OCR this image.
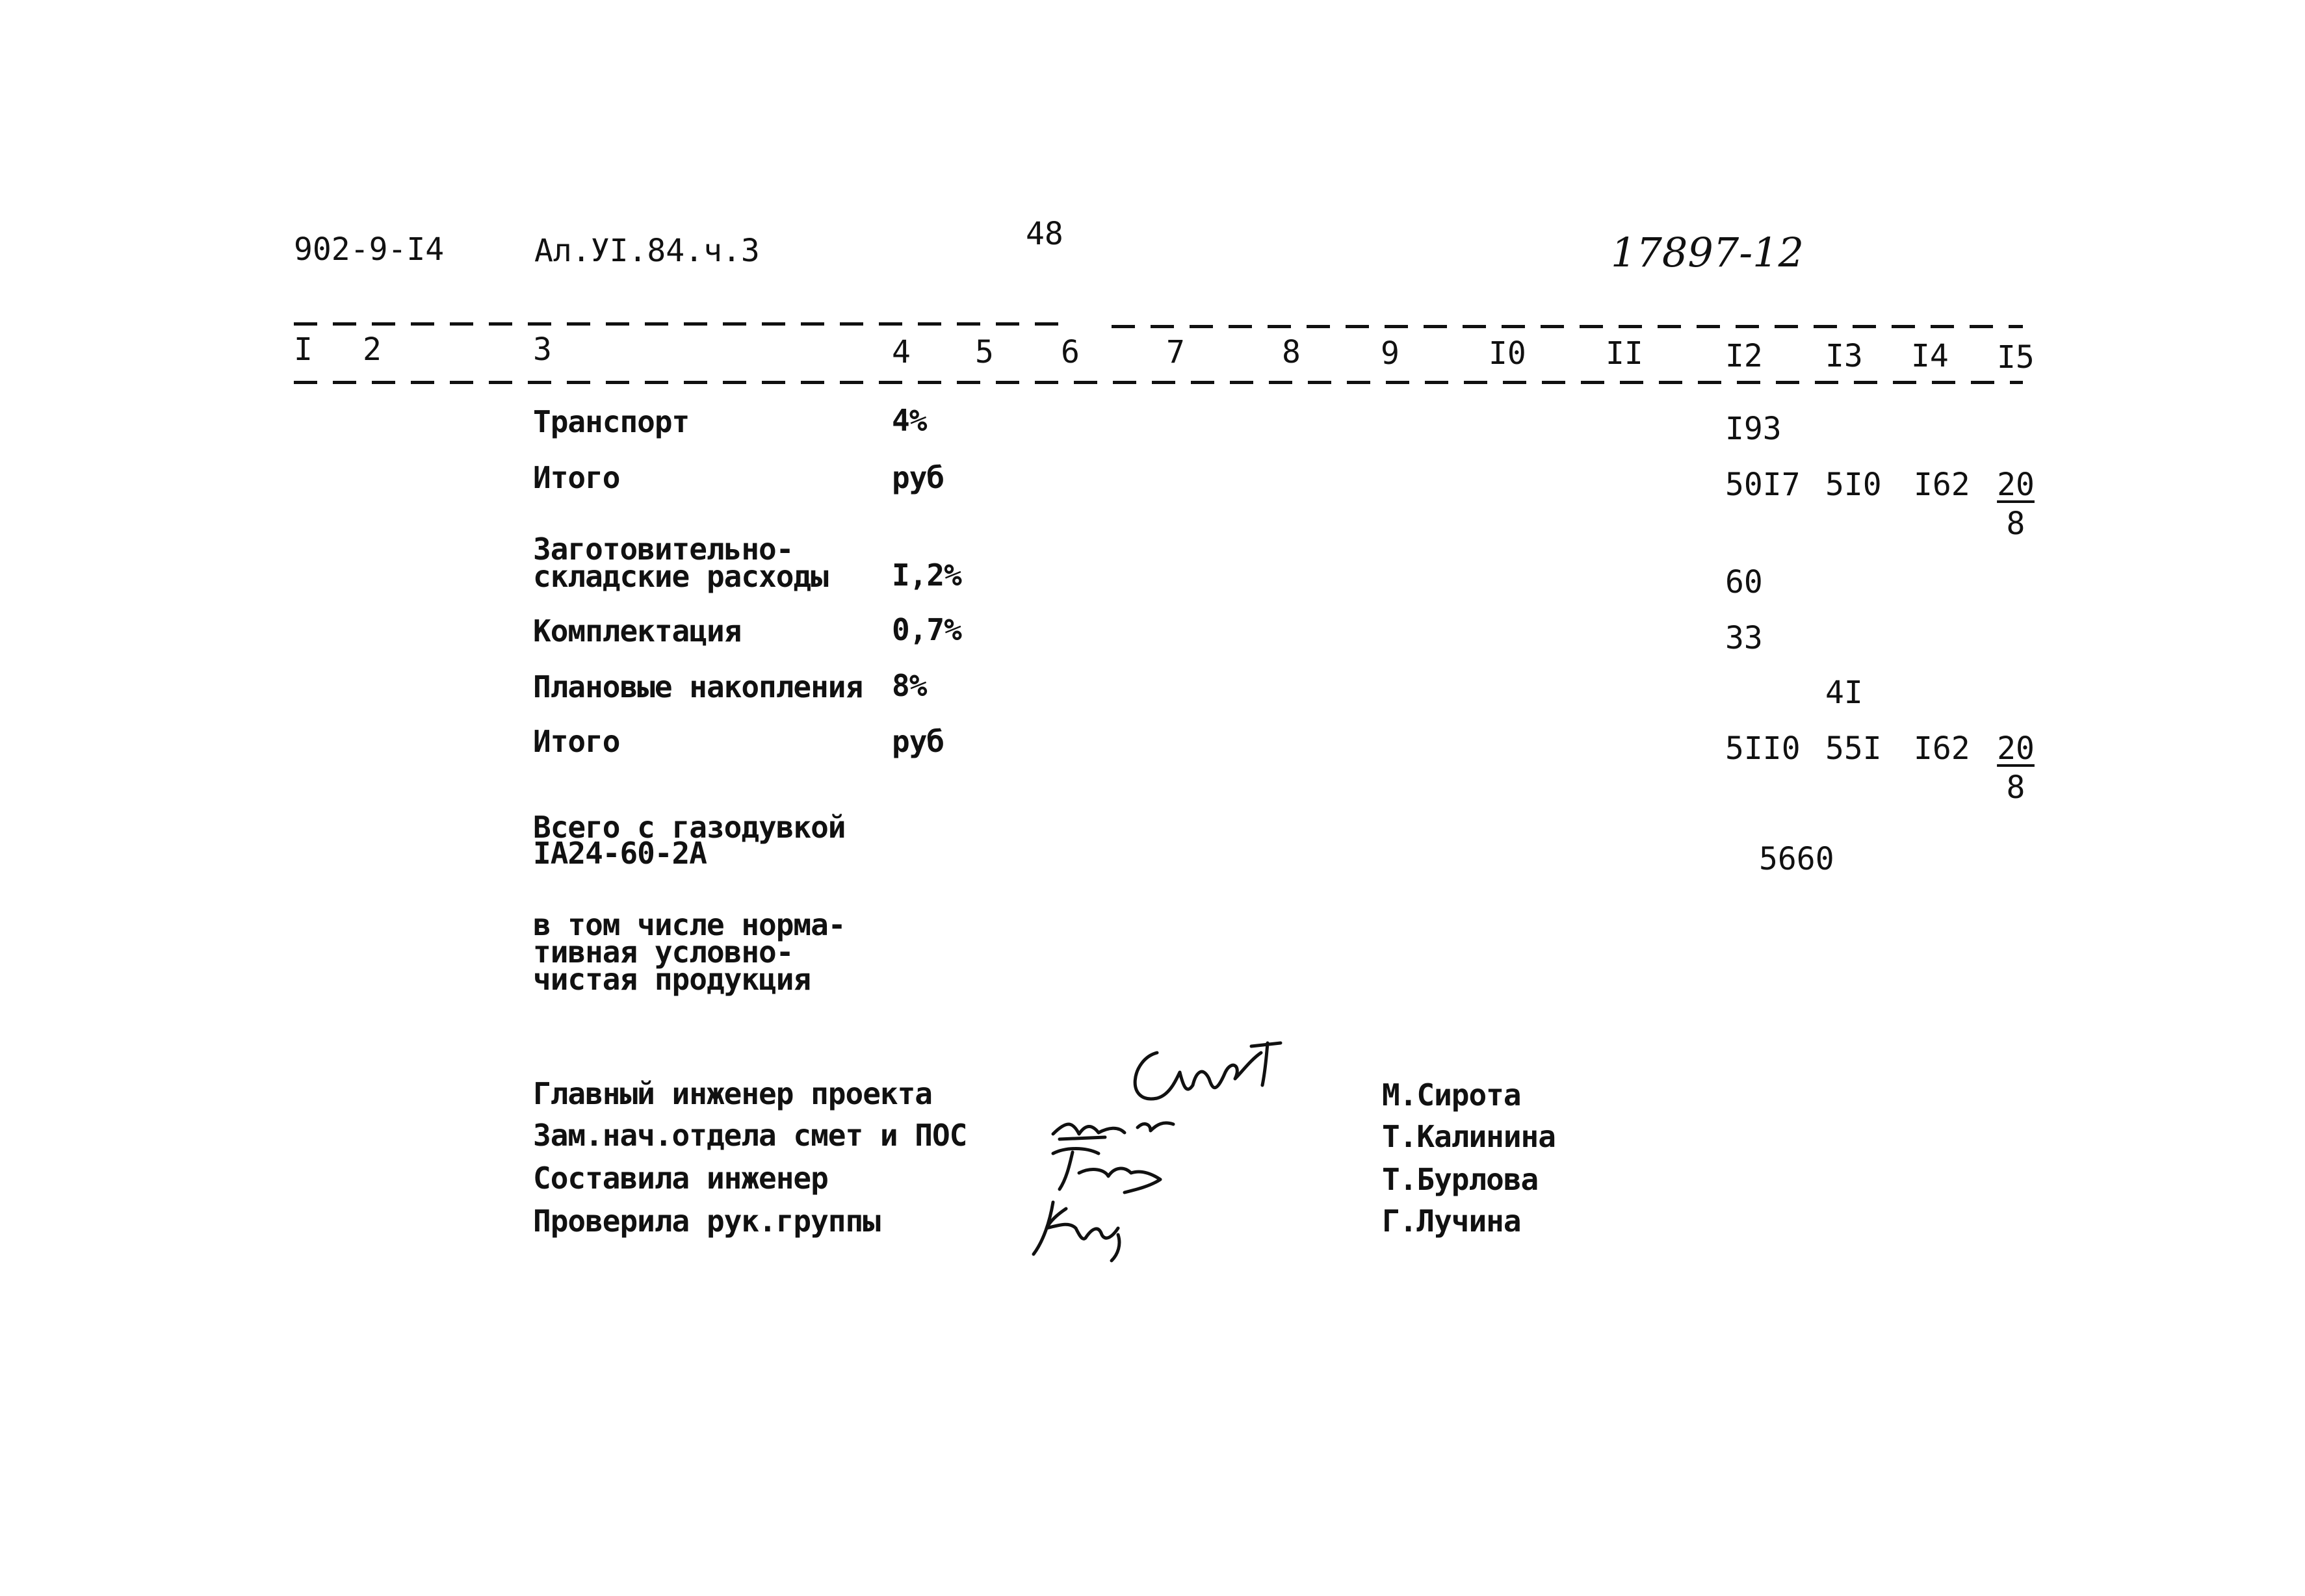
902-9-I4	Ал.УI.84.ч.3	48	17897-12
I 2	3	4 5 6	7	8	9	I0	II	I2 I3 I4 I5
Транспорт	4%	I93
Итого	руб	50I7 5I0 $I62 \frac{20}{8}$
Заготовительно-
складские расходы I,2%	60
Комплектация	0,7%	33
Плановые накопления 8%	4I
Итого	руб	5II0 55I $I62 \frac{20}{8}$
Всего с газодувкой
IА24-60-2А	5660
в том числе норма-
тивная условно-
чистая продукция
Главный инженер проекта
Зам.нач.отдела смет и ПОС
Составила инженер
Проверила рук.группы
М.Сирота
Т.Калинина
Т.Бурлова
Г.Лучина
